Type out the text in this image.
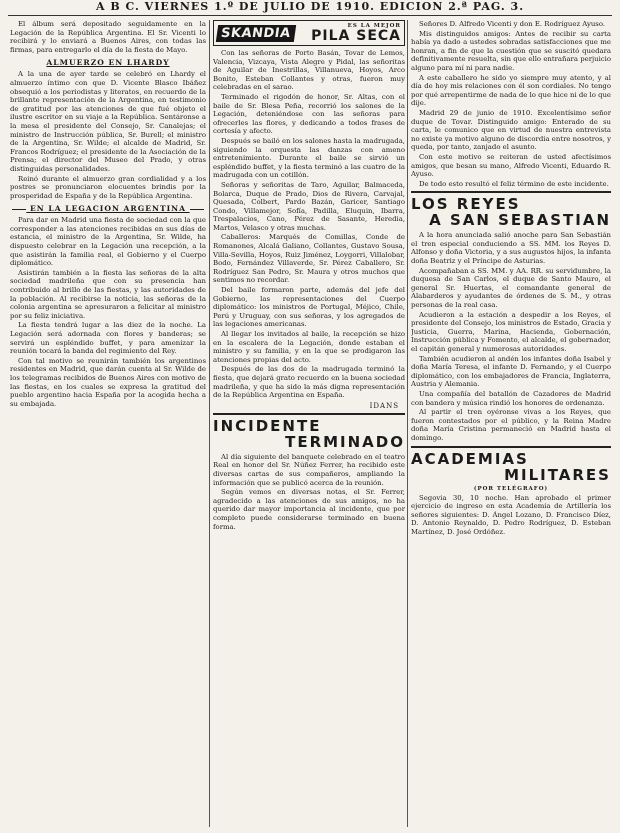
A B C. VIERNES 1.º DE JULIO DE 1910. EDICION 2.ª PAG. 3.

El álbum será depositado seguidamente en la Legación de la República Argentina. El Sr. Vicenti lo recibirá y lo enviará a Buenos Aires, con todas las firmas, para entregarlo el día de la fiesta de Mayo.

ALMUERZO EN LHARDY

A la una de ayer tarde se celebró en Lhardy el almuerzo íntimo con que D. Vicente Blasco Ibáñez obsequió a los periodistas y literatos, en recuerdo de la brillante representación de la Argentina, en testimonio de gratitud por las atenciones de que fué objeto el ilustre escritor en su viaje a la República. Sentáronse a la mesa el presidente del Consejo, Sr. Canalejas; el ministro de Instrucción pública, Sr. Burell; el ministro de la Argentina, Sr. Wilde; el alcalde de Madrid, Sr. Francos Rodríguez; el presidente de la Asociación de la Prensa; el director del Museo del Prado, y otras distinguidas personalidades.

Reinó durante el almuerzo gran cordialidad y a los postres se pronunciaron elocuentes brindis por la prosperidad de España y de la República Argentina.

EN LA LEGACION ARGENTINA

Para dar en Madrid una fiesta de sociedad con la que corresponder a las atenciones recibidas en sus días de estancia, el ministro de la Argentina, Sr. Wilde, ha dispuesto celebrar en la Legación una recepción, a la que asistirán la familia real, el Gobierno y el Cuerpo diplomático.

Asistirán también a la fiesta las señoras de la alta sociedad madrileña que con su presencia han contribuido al brillo de las fiestas, y las autoridades de la población. Al recibirse la noticia, las señoras de la colonia argentina se apresuraron a felicitar al ministro por su feliz iniciativa.

La fiesta tendrá lugar a las diez de la noche. La Legación será adornada con flores y banderas; se servirá un espléndido buffet, y para amenizar la reunión tocará la banda del regimiento del Rey.

Con tal motivo se reunirán también los argentinos residentes en Madrid, que darán cuenta al Sr. Wilde de los telegramas recibidos de Buenos Aires con motivo de las fiestas, en los cuales se expresa la gratitud del pueblo argentino hacia España por la acogida hecha a su embajada.

SKANDIA	ES LA MEJOR
PILA SECA

Con las señoras de Porto Basán, Tovar de Lemos, Valencia, Vizcaya, Vista Alegre y Pidal, las señoritas de Aguilar de Inestrillas, Villanueva, Hoyos, Arco Bonito, Esteban Collantes y otras, fueron muy celebradas en el sarao.

Terminado el rigodón de honor, Sr. Altas, con el baile de Sr. Blesa Peña, recorrió los salones de la Legación, deteniéndose con las señoras para ofrecerles las flores, y dedicando a todos frases de cortesía y afecto.

Después se bailó en los salones hasta la madrugada, siguiendo la orquesta las danzas con ameno entretenimiento. Durante el baile se sirvió un espléndido buffet, y la fiesta terminó a las cuatro de la madrugada con un cotillón.

Señoras y señoritas de Taro, Aguilar, Balmaceda, Bolarca, Duque de Prado, Dios de Rivera, Carvajal, Quesada, Colbert, Pardo Bazán, Garicer, Santiago Condo, Villamejor, Sofía, Padilla, Eluquin, Ibarra, Trespalacios, Cano, Pérez de Sasante, Heredia, Martos, Velasco y otras muchas.

Caballeros: Marqués de Comillas, Conde de Romanones, Alcalá Galiano, Collantes, Gustavo Sousa, Villa-Sevilla, Hoyos, Ruiz Jiménez, Loygorri, Villalobar, Bodo, Fernández Villaverde, Sr. Pérez Caballero, Sr. Rodríguez San Pedro, Sr. Maura y otros muchos que sentimos no recordar.

Del baile formaron parte, además del jefe del Gobierno, las representaciones del Cuerpo diplomático: los ministros de Portugal, Méjico, Chile, Perú y Uruguay, con sus señoras, y los agregados de las legaciones americanas.

Al llegar los invitados al baile, la recepción se hizo en la escalera de la Legación, donde estaban el ministro y su familia, y en la que se prodigaron las atenciones propias del acto.

Después de las dos de la madrugada terminó la fiesta, que dejará grato recuerdo en la buena sociedad madrileña, y que ha sido la más digna representación de la República Argentina en España.

IDANS
INCIDENTE
TERMINADO

Al día siguiente del banquete celebrado en el teatro Real en honor del Sr. Núñez Ferrer, ha recibido este diversas cartas de sus compañeros, ampliando la información que se publicó acerca de la reunión.

Según vemos en diversas notas, el Sr. Ferrer, agradecido a las atenciones de sus amigos, no ha querido dar mayor importancia al incidente, que por completo puede considerarse terminado en buena forma.

Señores D. Alfredo Vicenti y don E. Rodríguez Ayuso.

Mis distinguidos amigos: Antes de recibir su carta había ya dado a ustedes sobradas satisfacciones que me honran, a fin de que la cuestión que se suscitó quedara definitivamente resuelta, sin que ello entrañara perjuicio alguno para mí ni para nadie.

A este caballero he sido yo siempre muy atento, y al día de hoy mis relaciones con él son cordiales. No tengo por qué arrepentirme de nada de lo que hice ni de lo que dije.

Madrid 29 de junio de 1910. Excelentísimo señor duque de Tovar. Distinguido amigo: Enterado de su carta, le comunico que en virtud de nuestra entrevista no existe ya motivo alguno de discordia entre nosotros, y queda, por tanto, zanjado el asunto.

Con este motivo se reiteran de usted afectísimos amigos, que besan su mano, Alfredo Vicenti, Eduardo R. Ayuso.

De todo esto resultó el feliz término de este incidente.

LOS REYES
A SAN SEBASTIAN

A la hora anunciada salió anoche para San Sebastián el tren especial conduciendo a SS. MM. los Reyes D. Alfonso y doña Victoria, y a sus augustos hijos, la infanta doña Beatriz y el Príncipe de Asturias.

Acompañaban a SS. MM. y AA. RR. su servidumbre, la duquesa de San Carlos, el duque de Santo Mauro, el general Sr. Huertas, el comandante general de Alabarderos y ayudantes de órdenes de S. M., y otras personas de la real casa.

Acudieron a la estación a despedir a los Reyes, el presidente del Consejo, los ministros de Estado, Gracia y Justicia, Guerra, Marina, Hacienda, Gobernación, Instrucción pública y Fomento, el alcalde, el gobernador, el capitán general y numerosas autoridades.

También acudieron al andén los infantes doña Isabel y doña María Teresa, el infante D. Fernando, y el Cuerpo diplomático, con los embajadores de Francia, Inglaterra, Austria y Alemania.

Una compañía del batallón de Cazadores de Madrid con bandera y música rindió los honores de ordenanza.

Al partir el tren oyéronse vivas a los Reyes, que fueron contestados por el público, y la Reina Madre doña María Cristina permaneció en Madrid hasta el domingo.

ACADEMIAS
MILITARES
(POR TELÉGRAFO)

Segovia 30, 10 noche. Han aprobado el primer ejercicio de ingreso en esta Academia de Artillería los señores siguientes: D. Ángel Lozano, D. Francisco Díez, D. Antonio Reynaldo, D. Pedro Rodríguez, D. Esteban Martínez, D. José Ordóñez.
